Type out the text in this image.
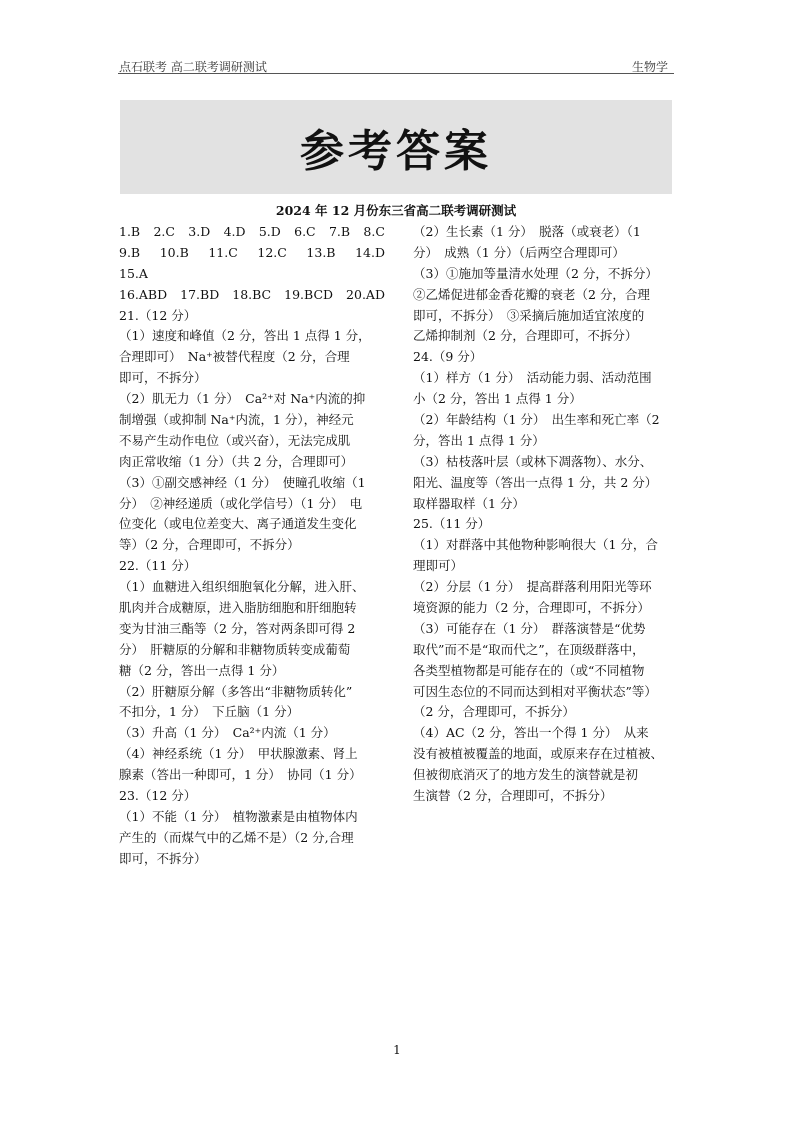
点石联考 高二联考调研测试	生物学
参考答案
2024 年 12 月份东三省高二联考调研测试
1.B 2.C 3.D 4.D 5.D 6.C 7.B 8.C
9.B 10.B 11.C 12.C 13.B 14.D
15.A
16.ABD 17.BD 18.BC 19.BCD 20.AD
21.（12 分）
（1）速度和峰值（2 分，答出 1 点得 1 分，
合理即可）　Na⁺被替代程度（2 分，合理
即可，不拆分）
（2）肌无力（1 分）　Ca²⁺对 Na⁺内流的抑
制增强（或抑制 Na⁺内流，1 分），神经元
不易产生动作电位（或兴奋），无法完成肌
肉正常收缩（1 分）（共 2 分，合理即可）
（3）①副交感神经（1 分）　使瞳孔收缩（1
分）　②神经递质（或化学信号）（1 分）　电
位变化（或电位差变大、离子通道发生变化
等）（2 分，合理即可，不拆分）
22.（11 分）
（1）血糖进入组织细胞氧化分解，进入肝、
肌肉并合成糖原，进入脂肪细胞和肝细胞转
变为甘油三酯等（2 分，答对两条即可得 2
分）　肝糖原的分解和非糖物质转变成葡萄
糖（2 分，答出一点得 1 分）
（2）肝糖原分解（多答出“非糖物质转化”
不扣分，1 分）　下丘脑（1 分）
（3）升高（1 分）　Ca²⁺内流（1 分）
（4）神经系统（1 分）　甲状腺激素、肾上
腺素（答出一种即可，1 分）　协同（1 分）
23.（12 分）
（1）不能（1 分）　植物激素是由植物体内
产生的（而煤气中的乙烯不是）（2 分,合理
即可，不拆分）
（2）生长素（1 分）　脱落（或衰老）（1
分）　成熟（1 分）（后两空合理即可）
（3）①施加等量清水处理（2 分，不拆分）
②乙烯促进郁金香花瓣的衰老（2 分，合理
即可，不拆分）　③采摘后施加适宜浓度的
乙烯抑制剂（2 分，合理即可，不拆分）
24.（9 分）
（1）样方（1 分）　活动能力弱、活动范围
小（2 分，答出 1 点得 1 分）
（2）年龄结构（1 分）　出生率和死亡率（2
分，答出 1 点得 1 分）
（3）枯枝落叶层（或林下凋落物）、水分、
阳光、温度等（答出一点得 1 分，共 2 分）
取样器取样（1 分）
25.（11 分）
（1）对群落中其他物种影响很大（1 分，合
理即可）
（2）分层（1 分）　提高群落利用阳光等环
境资源的能力（2 分，合理即可，不拆分）
（3）可能存在（1 分）　群落演替是“优势
取代”而不是“取而代之”，在顶级群落中，
各类型植物都是可能存在的（或“不同植物
可因生态位的不同而达到相对平衡状态”等）
（2 分，合理即可，不拆分）
（4）AC（2 分，答出一个得 1 分）　从来
没有被植被覆盖的地面，或原来存在过植被、
但被彻底消灭了的地方发生的演替就是初
生演替（2 分，合理即可，不拆分）
1
